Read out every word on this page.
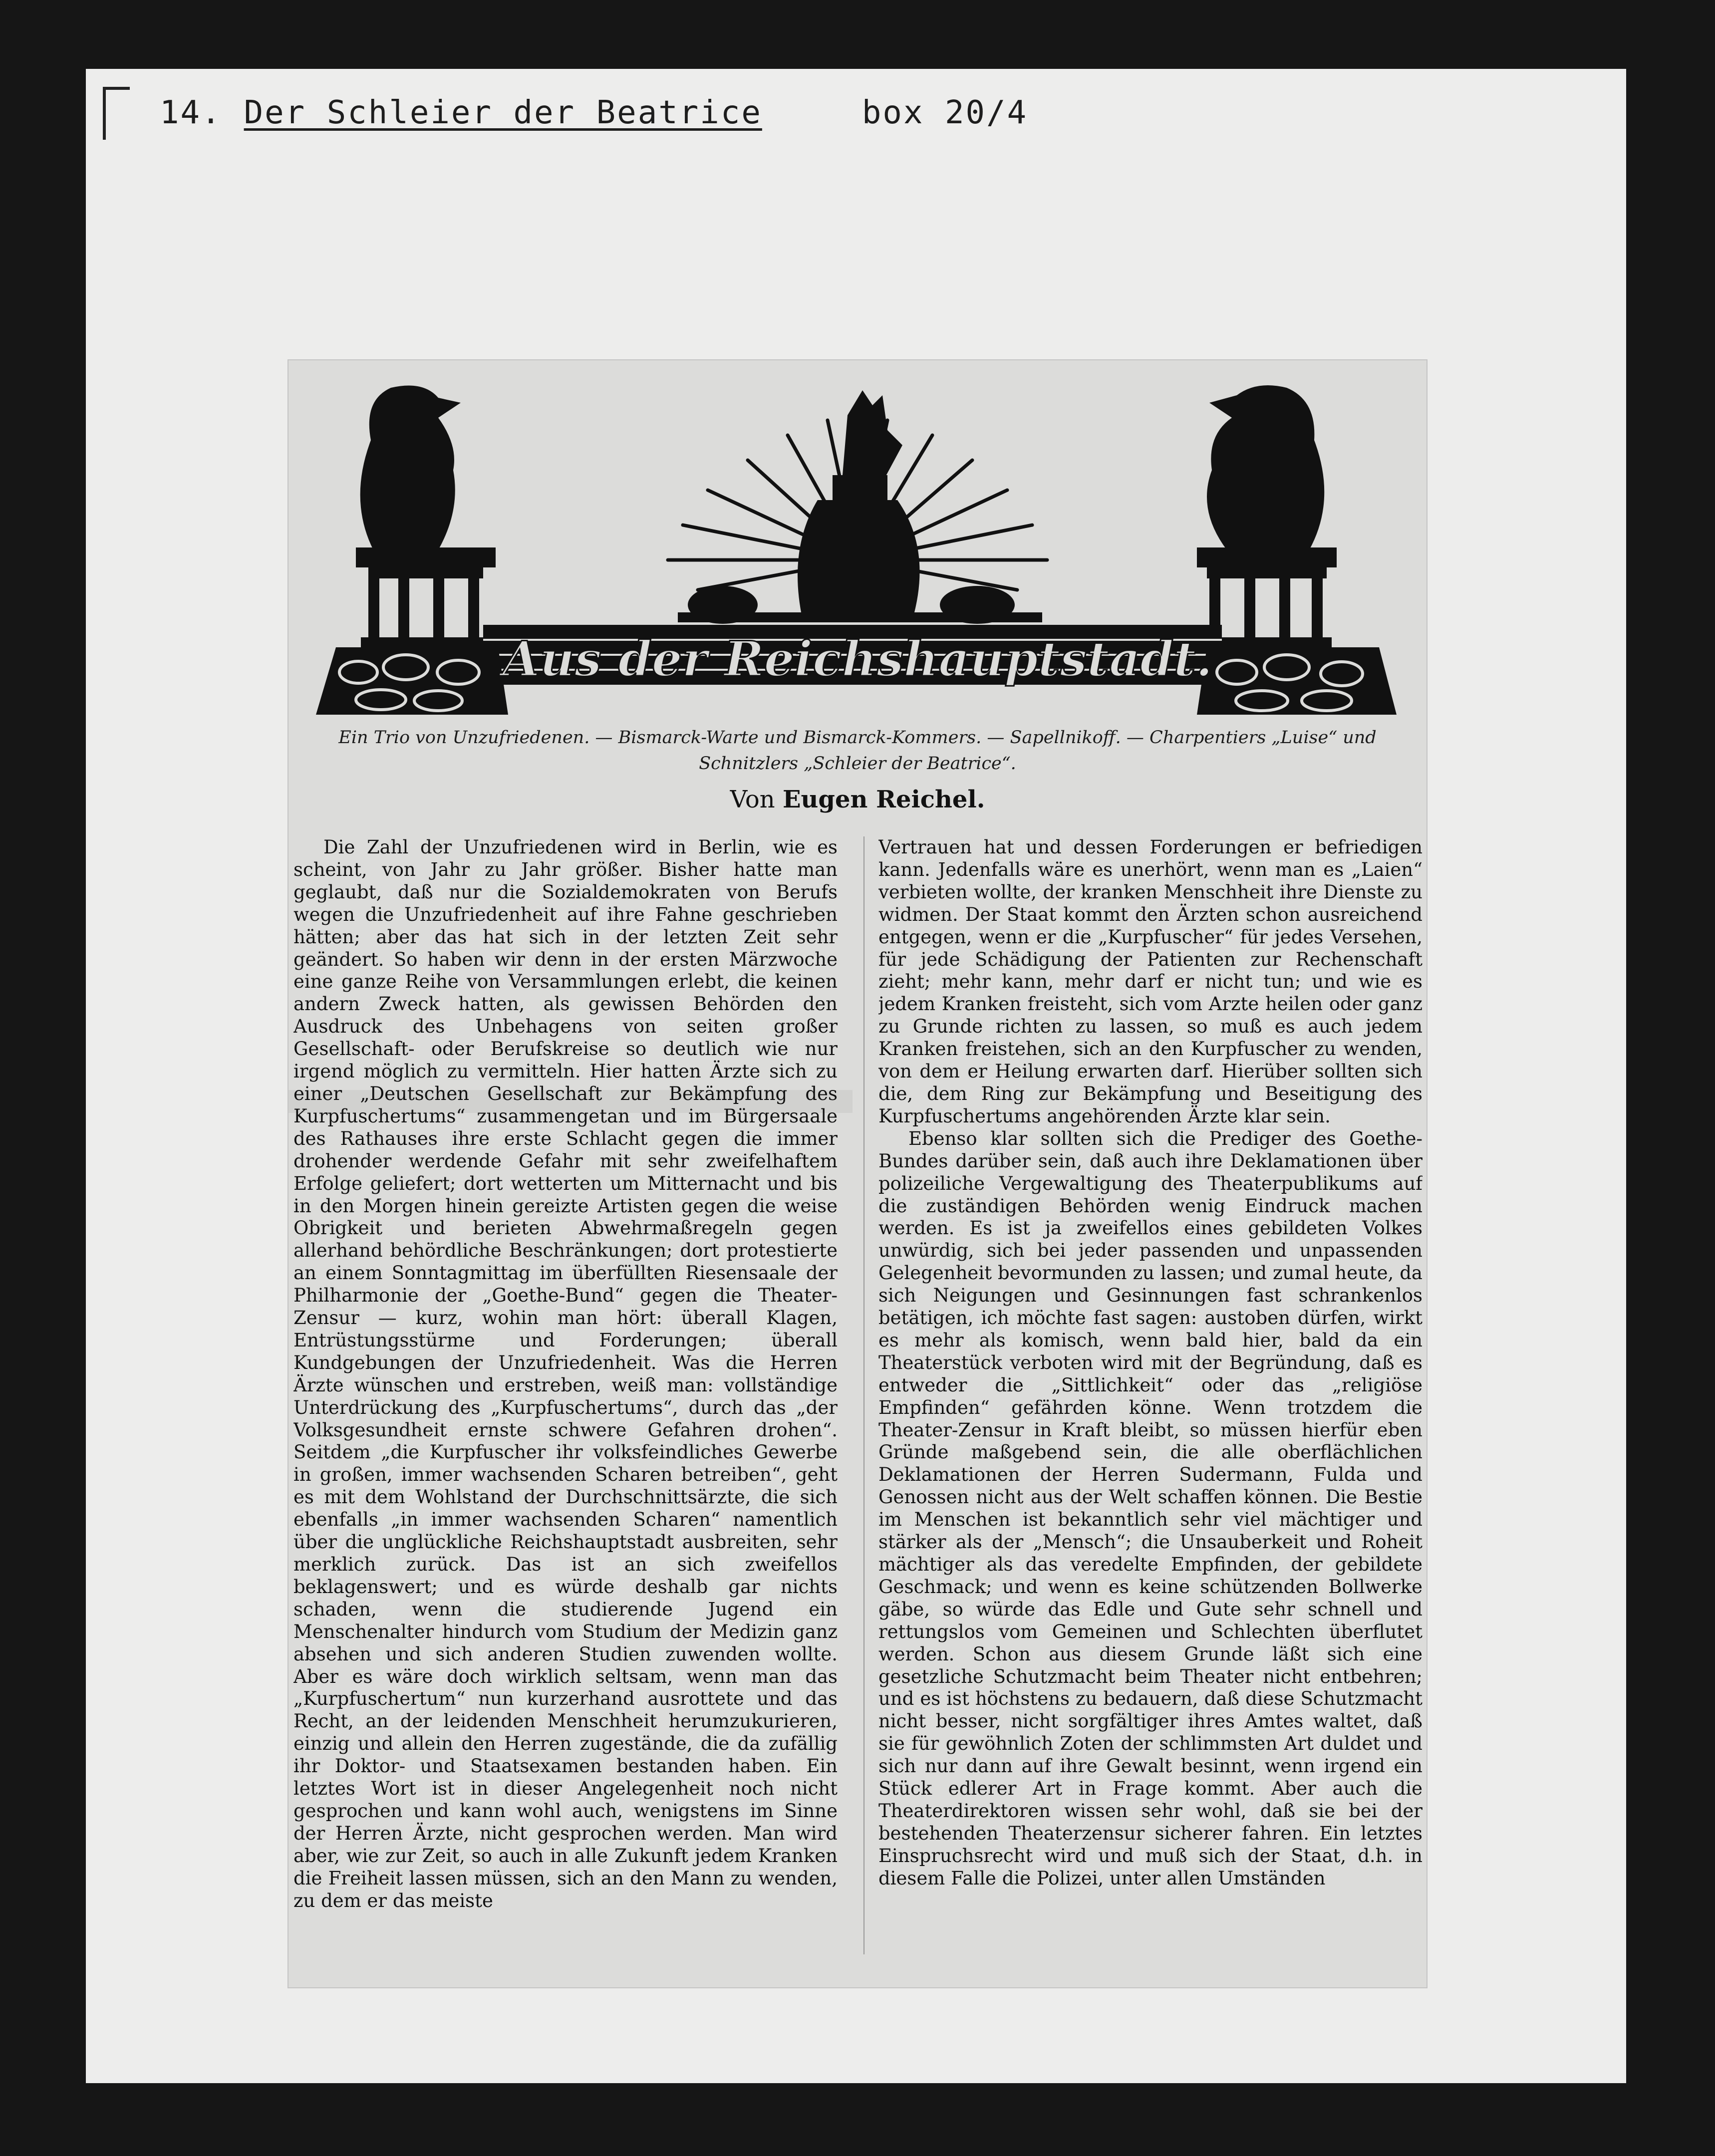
14. Der Schleier der Beatrice	box 20/4
Aus der Reichshauptstadt.
Ein Trio von Unzufriedenen. — Bismarck-Warte und Bismarck-Kommers. — Sapellnikoff. — Charpentiers „Luise“ und Schnitzlers „Schleier der Beatrice“.
Von Eugen Reichel.

Die Zahl der Unzufriedenen wird in Berlin, wie es scheint, von Jahr zu Jahr größer. Bisher hatte man geglaubt, daß nur die Sozialdemokraten von Berufs wegen die Unzufriedenheit auf ihre Fahne geschrieben hätten; aber das hat sich in der letzten Zeit sehr geändert. So haben wir denn in der ersten Märzwoche eine ganze Reihe von Versammlungen erlebt, die keinen andern Zweck hatten, als gewissen Behörden den Ausdruck des Unbehagens von seiten großer Gesellschaft- oder Berufskreise so deutlich wie nur irgend möglich zu vermitteln. Hier hatten Ärzte sich zu einer „Deutschen Gesellschaft zur Bekämpfung des Kurpfuschertums“ zusammengetan und im Bürgersaale des Rathauses ihre erste Schlacht gegen die immer drohender werdende Gefahr mit sehr zweifelhaftem Erfolge geliefert; dort wetterten um Mitternacht und bis in den Morgen hinein gereizte Artisten gegen die weise Obrigkeit und berieten Abwehrmaßregeln gegen allerhand behördliche Beschränkungen; dort protestierte an einem Sonntagmittag im überfüllten Riesensaale der Philharmonie der „Goethe-Bund“ gegen die Theater-Zensur — kurz, wohin man hört: überall Klagen, Entrüstungsstürme und Forderungen; überall Kundgebungen der Unzufriedenheit. Was die Herren Ärzte wünschen und erstreben, weiß man: vollständige Unterdrückung des „Kurpfuschertums“, durch das „der Volksgesundheit ernste schwere Gefahren drohen“. Seitdem „die Kurpfuscher ihr volksfeindliches Gewerbe in großen, immer wachsenden Scharen betreiben“, geht es mit dem Wohlstand der Durchschnittsärzte, die sich ebenfalls „in immer wachsenden Scharen“ namentlich über die unglückliche Reichshauptstadt ausbreiten, sehr merklich zurück. Das ist an sich zweifellos beklagenswert; und es würde deshalb gar nichts schaden, wenn die studierende Jugend ein Menschenalter hindurch vom Studium der Medizin ganz absehen und sich anderen Studien zuwenden wollte. Aber es wäre doch wirklich seltsam, wenn man das „Kurpfuschertum“ nun kurzerhand ausrottete und das Recht, an der leidenden Menschheit herumzukurieren, einzig und allein den Herren zugestände, die da zufällig ihr Doktor- und Staatsexamen bestanden haben. Ein letztes Wort ist in dieser Angelegenheit noch nicht gesprochen und kann wohl auch, wenigstens im Sinne der Herren Ärzte, nicht gesprochen werden. Man wird aber, wie zur Zeit, so auch in alle Zukunft jedem Kranken die Freiheit lassen müssen, sich an den Mann zu wenden, zu dem er das meiste

Vertrauen hat und dessen Forderungen er befriedigen kann. Jedenfalls wäre es unerhört, wenn man es „Laien“ verbieten wollte, der kranken Menschheit ihre Dienste zu widmen. Der Staat kommt den Ärzten schon ausreichend entgegen, wenn er die „Kurpfuscher“ für jedes Versehen, für jede Schädigung der Patienten zur Rechenschaft zieht; mehr kann, mehr darf er nicht tun; und wie es jedem Kranken freisteht, sich vom Arzte heilen oder ganz zu Grunde richten zu lassen, so muß es auch jedem Kranken freistehen, sich an den Kurpfuscher zu wenden, von dem er Heilung erwarten darf. Hierüber sollten sich die, dem Ring zur Bekämpfung und Beseitigung des Kurpfuschertums angehörenden Ärzte klar sein.

Ebenso klar sollten sich die Prediger des Goethe-Bundes darüber sein, daß auch ihre Deklamationen über polizeiliche Vergewaltigung des Theaterpublikums auf die zuständigen Behörden wenig Eindruck machen werden. Es ist ja zweifellos eines gebildeten Volkes unwürdig, sich bei jeder passenden und unpassenden Gelegenheit bevormunden zu lassen; und zumal heute, da sich Neigungen und Gesinnungen fast schrankenlos betätigen, ich möchte fast sagen: austoben dürfen, wirkt es mehr als komisch, wenn bald hier, bald da ein Theaterstück verboten wird mit der Begründung, daß es entweder die „Sittlichkeit“ oder das „religiöse Empfinden“ gefährden könne. Wenn trotzdem die Theater-Zensur in Kraft bleibt, so müssen hierfür eben Gründe maßgebend sein, die alle oberflächlichen Deklamationen der Herren Sudermann, Fulda und Genossen nicht aus der Welt schaffen können. Die Bestie im Menschen ist bekanntlich sehr viel mächtiger und stärker als der „Mensch“; die Unsauberkeit und Roheit mächtiger als das veredelte Empfinden, der gebildete Geschmack; und wenn es keine schützenden Bollwerke gäbe, so würde das Edle und Gute sehr schnell und rettungslos vom Gemeinen und Schlechten überflutet werden. Schon aus diesem Grunde läßt sich eine gesetzliche Schutzmacht beim Theater nicht entbehren; und es ist höchstens zu bedauern, daß diese Schutzmacht nicht besser, nicht sorgfältiger ihres Amtes waltet, daß sie für gewöhnlich Zoten der schlimmsten Art duldet und sich nur dann auf ihre Gewalt besinnt, wenn irgend ein Stück edlerer Art in Frage kommt. Aber auch die Theaterdirektoren wissen sehr wohl, daß sie bei der bestehenden Theaterzensur sicherer fahren. Ein letztes Einspruchsrecht wird und muß sich der Staat, d.h. in diesem Falle die Polizei, unter allen Umständen
